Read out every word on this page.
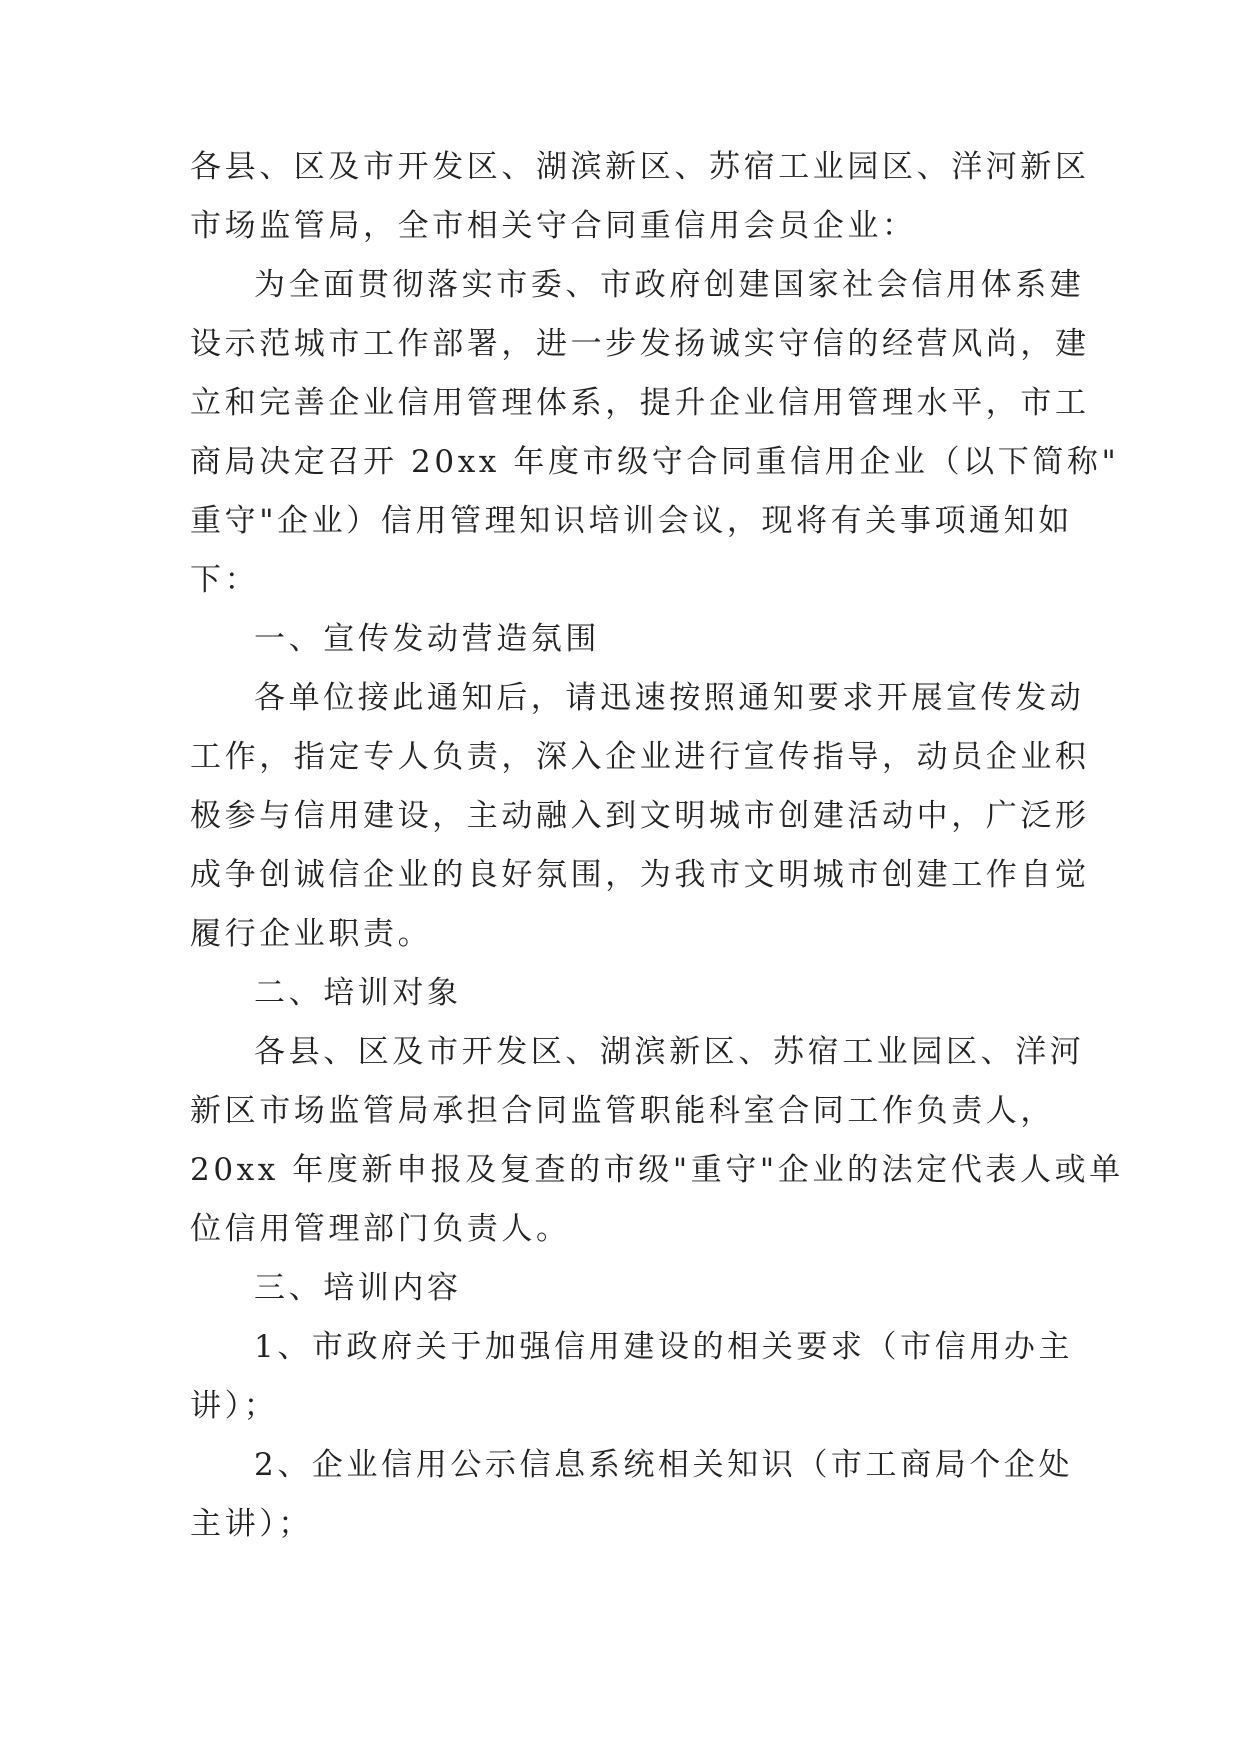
各县、区及市开发区、湖滨新区、苏宿工业园区、洋河新区
市场监管局，全市相关守合同重信用会员企业：
为全面贯彻落实市委、市政府创建国家社会信用体系建
设示范城市工作部署，进一步发扬诚实守信的经营风尚，建
立和完善企业信用管理体系，提升企业信用管理水平，市工
商局决定召开 20xx 年度市级守合同重信用企业（以下简称"
重守"企业）信用管理知识培训会议，现将有关事项通知如
下：
一、宣传发动营造氛围
各单位接此通知后，请迅速按照通知要求开展宣传发动
工作，指定专人负责，深入企业进行宣传指导，动员企业积
极参与信用建设，主动融入到文明城市创建活动中，广泛形
成争创诚信企业的良好氛围，为我市文明城市创建工作自觉
履行企业职责。
二、培训对象
各县、区及市开发区、湖滨新区、苏宿工业园区、洋河
新区市场监管局承担合同监管职能科室合同工作负责人，
20xx 年度新申报及复查的市级"重守"企业的法定代表人或单
位信用管理部门负责人。
三、培训内容
1、市政府关于加强信用建设的相关要求（市信用办主
讲）；
2、企业信用公示信息系统相关知识（市工商局个企处
主讲）；
